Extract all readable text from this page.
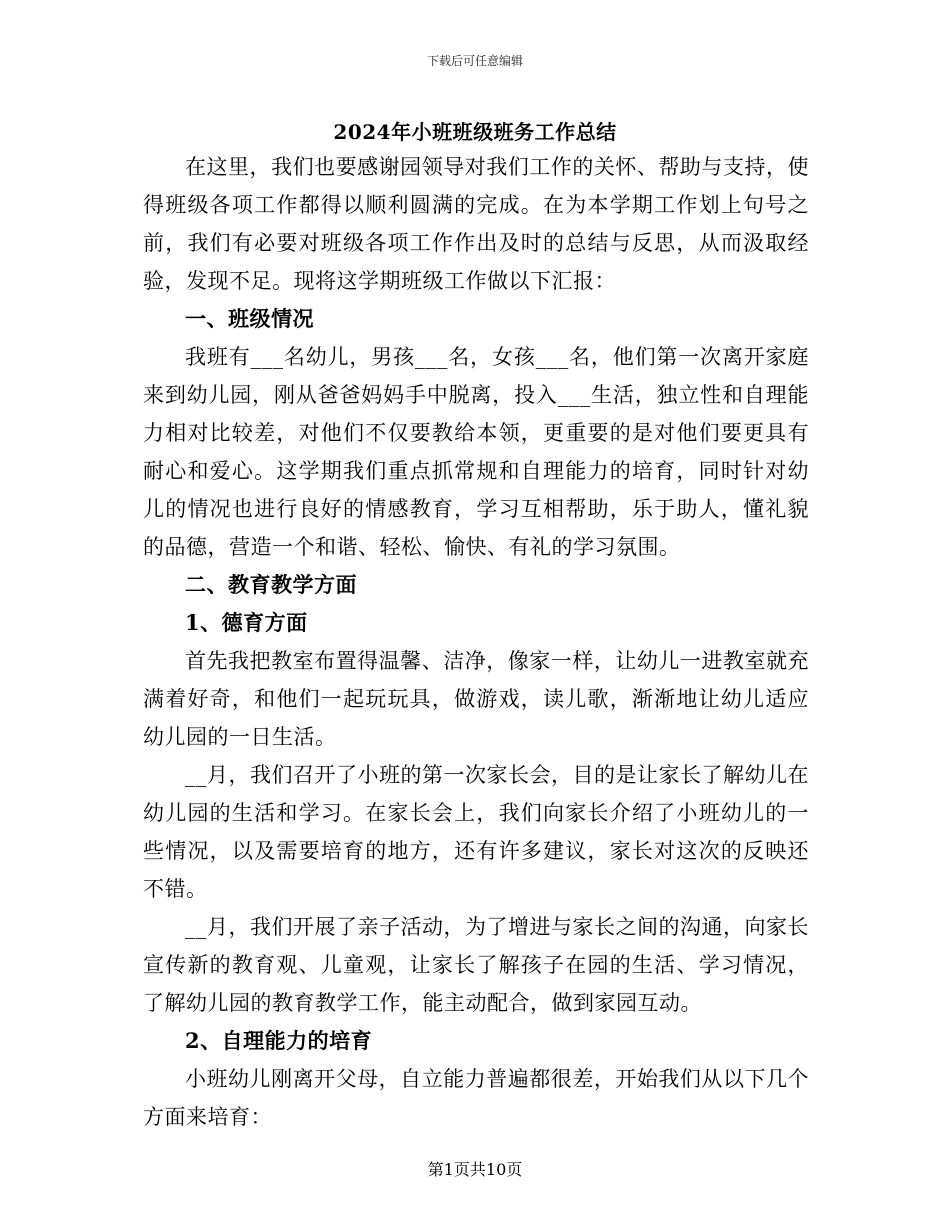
下载后可任意编辑
2024年小班班级班务工作总结

在这里，我们也要感谢园领导对我们工作的关怀、帮助与支持，使得班级各项工作都得以顺利圆满的完成。在为本学期工作划上句号之前，我们有必要对班级各项工作作出及时的总结与反思，从而汲取经验，发现不足。现将这学期班级工作做以下汇报：

一、班级情况

我班有___名幼儿，男孩___名，女孩___名，他们第一次离开家庭来到幼儿园，刚从爸爸妈妈手中脱离，投入___生活，独立性和自理能力相对比较差，对他们不仅要教给本领，更重要的是对他们要更具有耐心和爱心。这学期我们重点抓常规和自理能力的培育，同时针对幼儿的情况也进行良好的情感教育，学习互相帮助，乐于助人，懂礼貌的品德，营造一个和谐、轻松、愉快、有礼的学习氛围。

二、教育教学方面

1、德育方面

首先我把教室布置得温馨、洁净，像家一样，让幼儿一进教室就充满着好奇，和他们一起玩玩具，做游戏，读儿歌，渐渐地让幼儿适应幼儿园的一日生活。

__月，我们召开了小班的第一次家长会，目的是让家长了解幼儿在幼儿园的生活和学习。在家长会上，我们向家长介绍了小班幼儿的一些情况，以及需要培育的地方，还有许多建议，家长对这次的反映还不错。

__月，我们开展了亲子活动，为了增进与家长之间的沟通，向家长宣传新的教育观、儿童观，让家长了解孩子在园的生活、学习情况，了解幼儿园的教育教学工作，能主动配合，做到家园互动。

2、自理能力的培育

小班幼儿刚离开父母，自立能力普遍都很差，开始我们从以下几个方面来培育：

第1页共10页
